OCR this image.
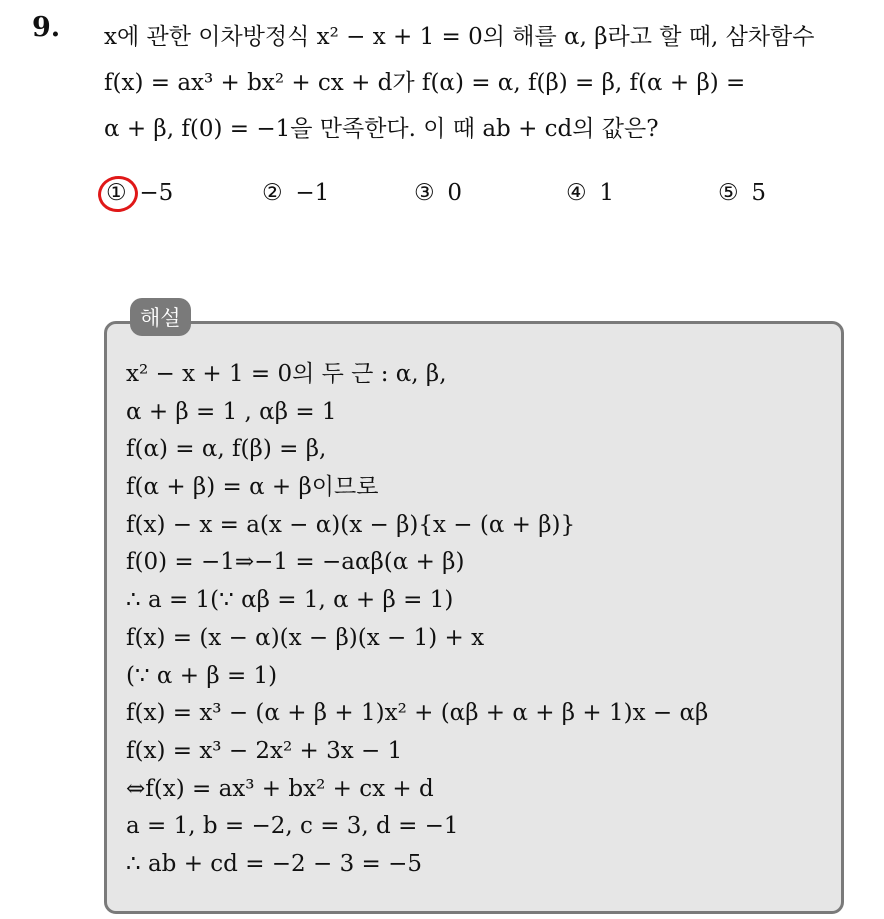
9. x에 관한 이차방정식 x² − x + 1 = 0의 해를 α, β라고 할 때, 삼차함수
f(x) = ax³ + bx² + cx + d가 f(α) = α, f(β) = β, f(α + β) =
α + β, f(0) = −1을 만족한다. 이 때 ab + cd의 값은?
① −5	② −1	③ 0	④ 1	⑤ 5
해설
x² − x + 1 = 0의 두 근 : α, β,
α + β = 1 , αβ = 1
f(α) = α, f(β) = β,
f(α + β) = α + β이므로
f(x) − x = a(x − α)(x − β){x − (α + β)}
f(0) = −1⇒−1 = −aαβ(α + β)
∴ a = 1(∵ αβ = 1, α + β = 1)
f(x) = (x − α)(x − β)(x − 1) + x
(∵ α + β = 1)
f(x) = x³ − (α + β + 1)x² + (αβ + α + β + 1)x − αβ
f(x) = x³ − 2x² + 3x − 1
⇔f(x) = ax³ + bx² + cx + d
a = 1, b = −2, c = 3, d = −1
∴ ab + cd = −2 − 3 = −5
